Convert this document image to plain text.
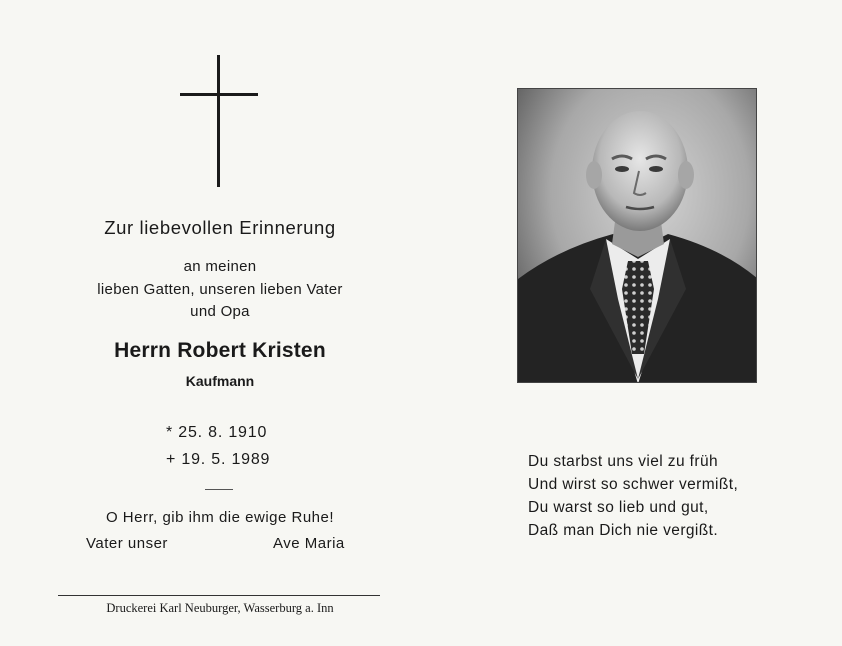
Zur liebevollen Erinnerung
an meinen
lieben Gatten, unseren lieben Vater
und Opa
Herrn Robert Kristen
Kaufmann
* 25. 8. 1910
+ 19. 5. 1989
O Herr, gib ihm die ewige Ruhe!
Vater unser	Ave Maria
Druckerei Karl Neuburger, Wasserburg a. Inn
Du starbst uns viel zu früh
Und wirst so schwer vermißt,
Du warst so lieb und gut,
Daß man Dich nie vergißt.
